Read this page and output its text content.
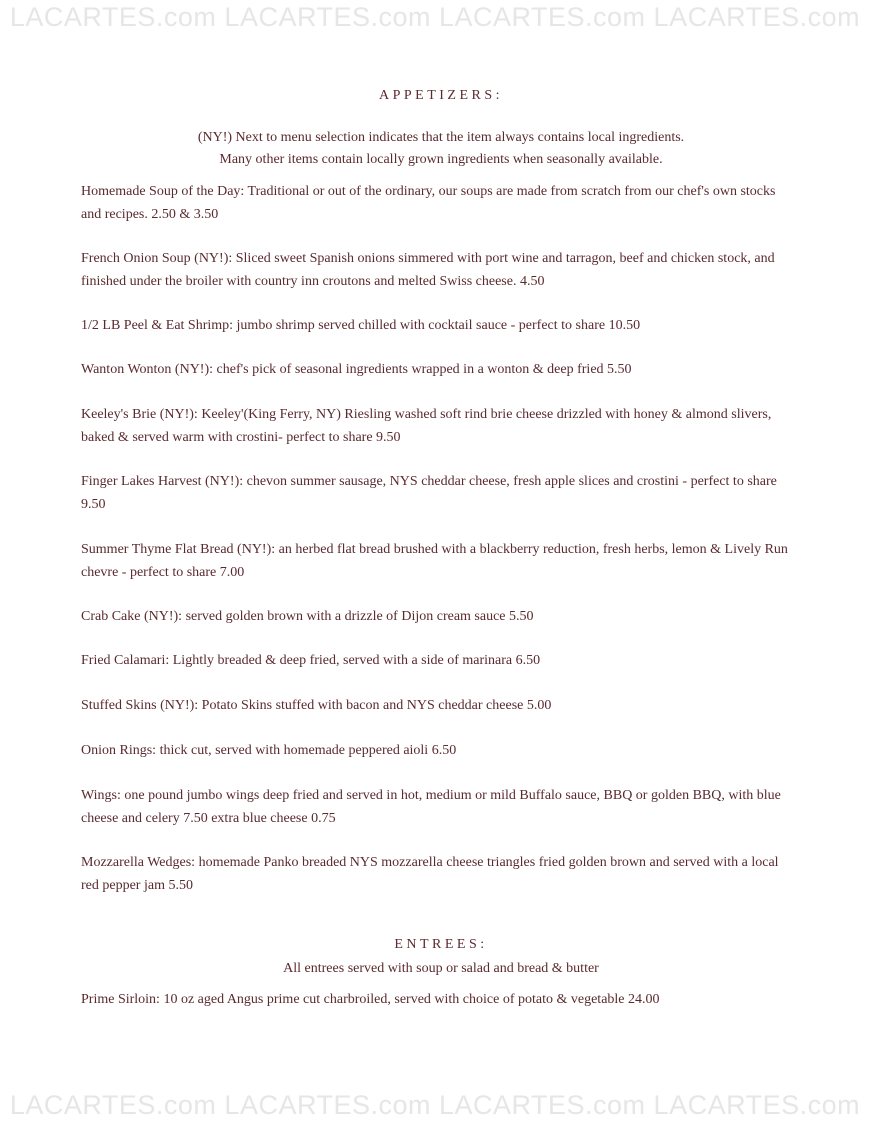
LACARTES.com LACARTES.com LACARTES.com LACARTES.com
APPETIZERS:
(NY!) Next to menu selection indicates that the item always contains local ingredients.
Many other items contain locally grown ingredients when seasonally available.
Homemade Soup of the Day: Traditional or out of the ordinary, our soups are made from scratch from our chef's own stocks and recipes. 2.50 & 3.50
French Onion Soup (NY!): Sliced sweet Spanish onions simmered with port wine and tarragon, beef and chicken stock, and finished under the broiler with country inn croutons and melted Swiss cheese. 4.50
1/2 LB Peel & Eat Shrimp: jumbo shrimp served chilled with cocktail sauce - perfect to share 10.50
Wanton Wonton (NY!): chef's pick of seasonal ingredients wrapped in a wonton & deep fried 5.50
Keeley's Brie (NY!): Keeley'(King Ferry, NY) Riesling washed soft rind brie cheese drizzled with honey & almond slivers, baked & served warm with crostini- perfect to share 9.50
Finger Lakes Harvest (NY!): chevon summer sausage, NYS cheddar cheese, fresh apple slices and crostini - perfect to share 9.50
Summer Thyme Flat Bread (NY!): an herbed flat bread brushed with a blackberry reduction, fresh herbs, lemon & Lively Run chevre - perfect to share 7.00
Crab Cake (NY!): served golden brown with a drizzle of Dijon cream sauce 5.50
Fried Calamari: Lightly breaded & deep fried, served with a side of marinara 6.50
Stuffed Skins (NY!): Potato Skins stuffed with bacon and NYS cheddar cheese 5.00
Onion Rings: thick cut, served with homemade peppered aioli 6.50
Wings: one pound jumbo wings deep fried and served in hot, medium or mild Buffalo sauce, BBQ or golden BBQ, with blue cheese and celery 7.50 extra blue cheese 0.75
Mozzarella Wedges: homemade Panko breaded NYS mozzarella cheese triangles fried golden brown and served with a local red pepper jam 5.50
ENTREES:
All entrees served with soup or salad and bread & butter
Prime Sirloin: 10 oz aged Angus prime cut charbroiled, served with choice of potato & vegetable 24.00
LACARTES.com LACARTES.com LACARTES.com LACARTES.com
